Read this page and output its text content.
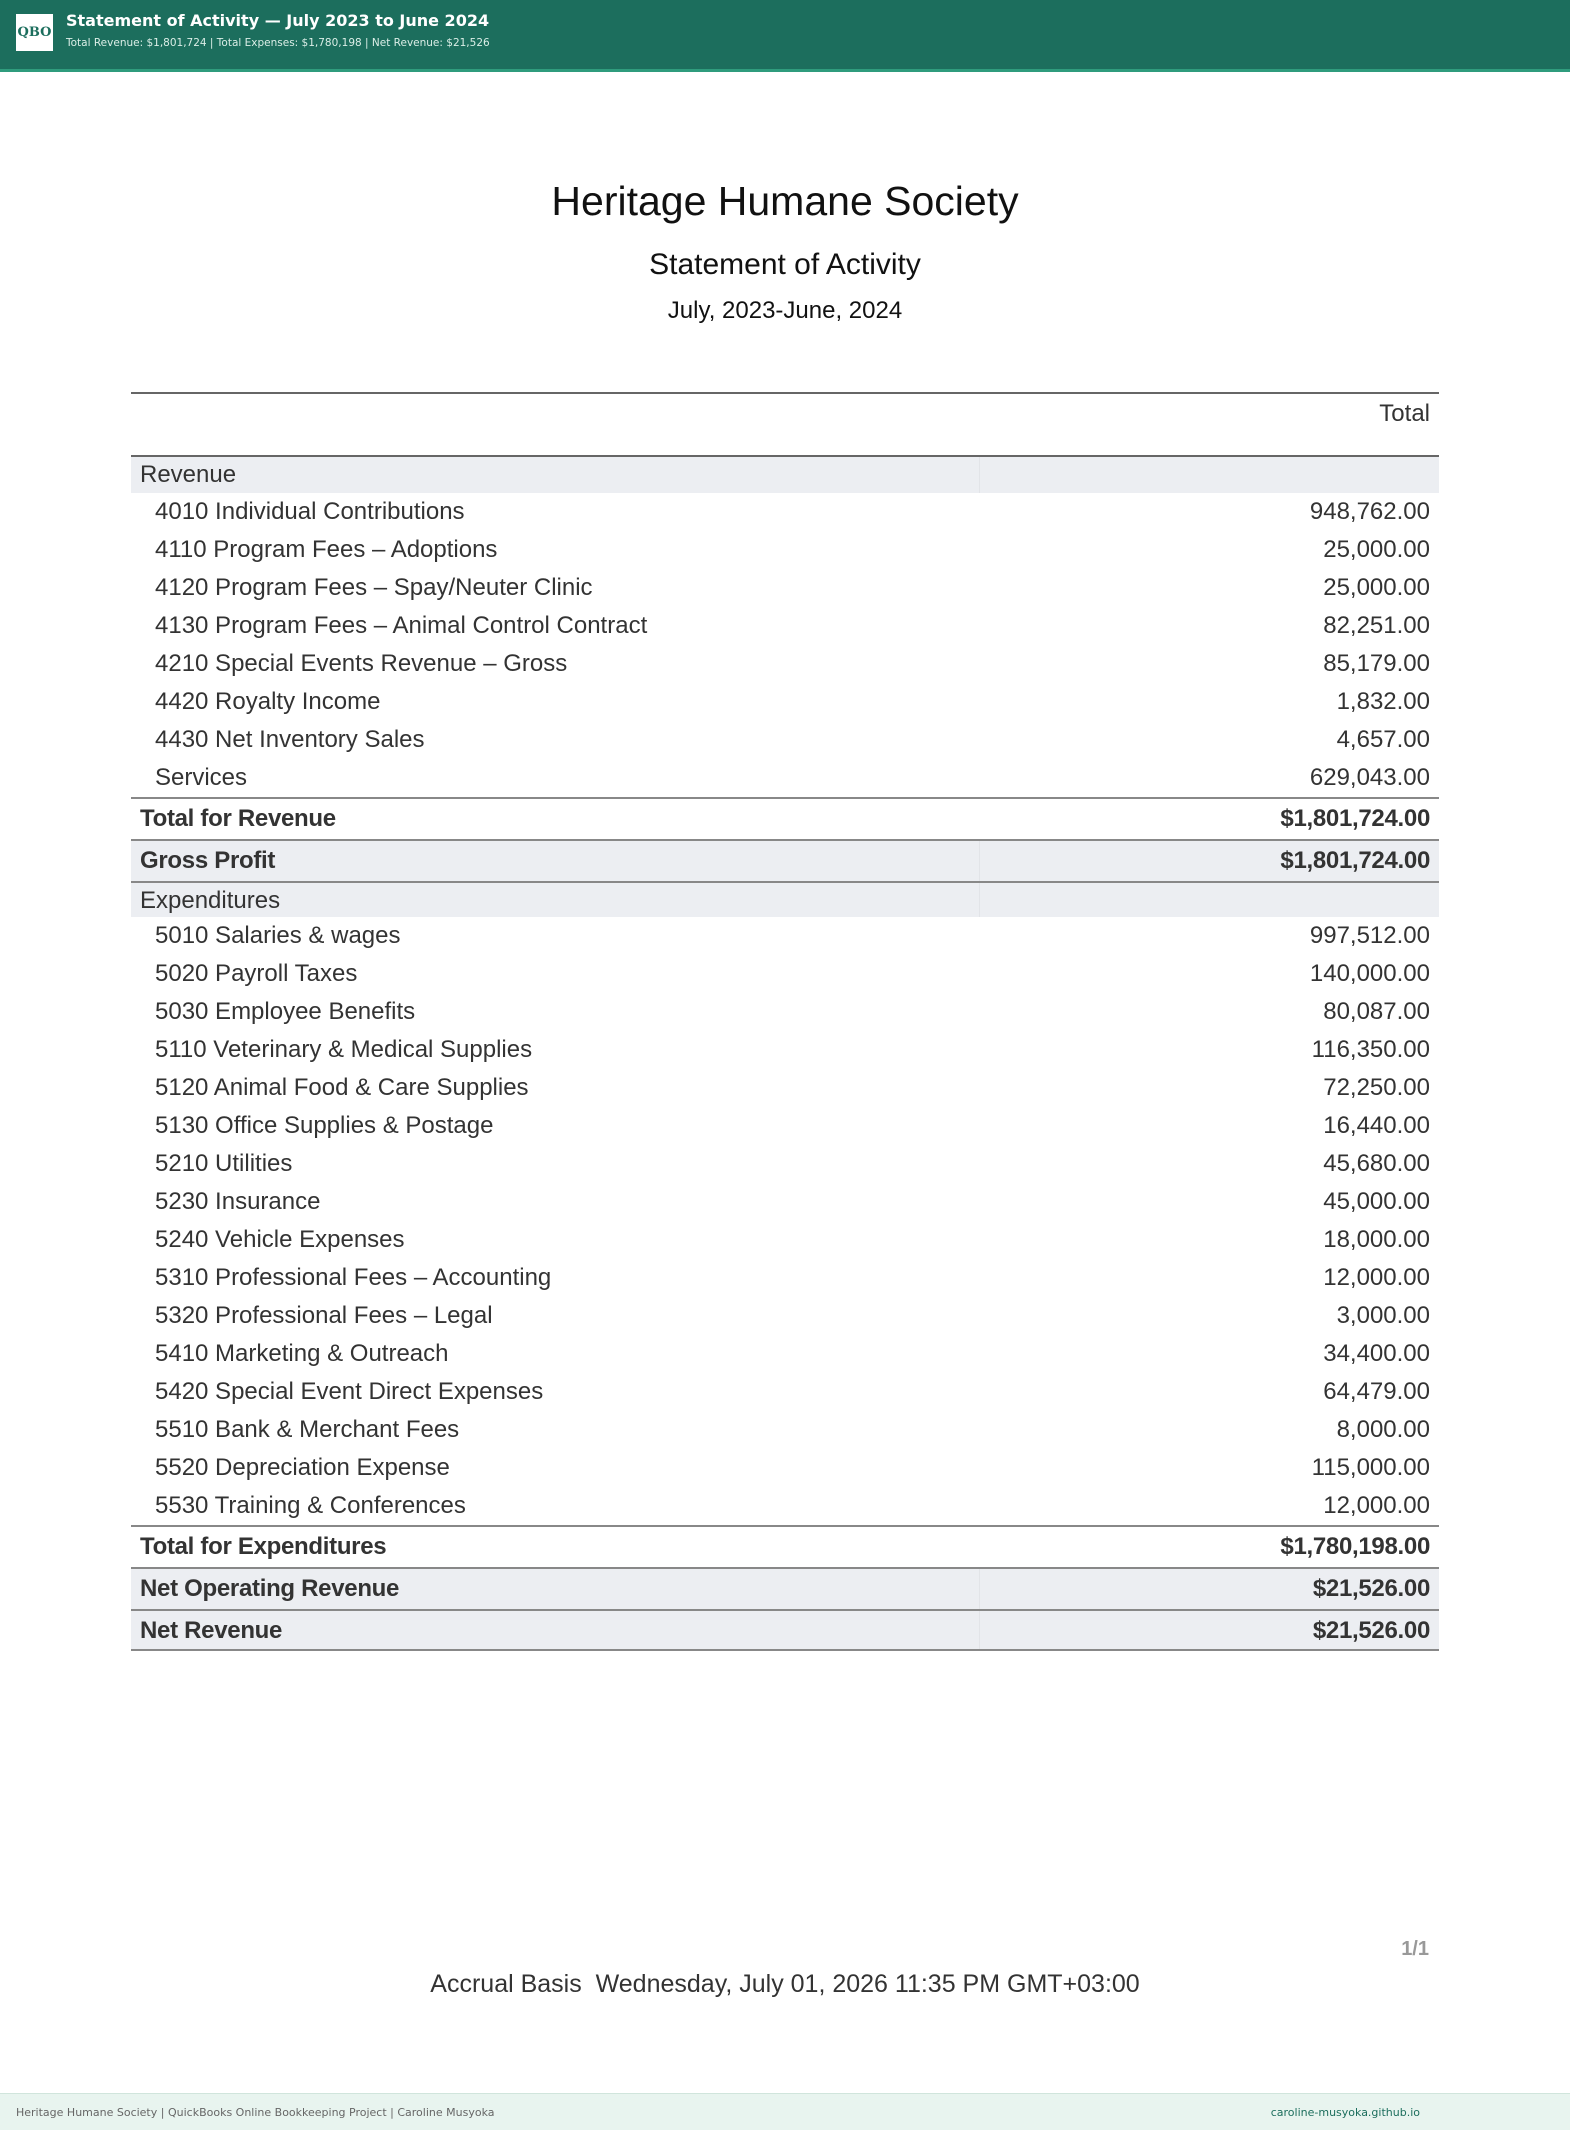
QBO
Statement of Activity — July 2023 to June 2024
Total Revenue: $1,801,724 | Total Expenses: $1,780,198 | Net Revenue: $21,526
Heritage Humane Society
Statement of Activity
July, 2023-June, 2024
Total
Revenue
4010 Individual Contributions	948,762.00
4110 Program Fees – Adoptions	25,000.00
4120 Program Fees – Spay/Neuter Clinic	25,000.00
4130 Program Fees – Animal Control Contract	82,251.00
4210 Special Events Revenue – Gross	85,179.00
4420 Royalty Income	1,832.00
4430 Net Inventory Sales	4,657.00
Services	629,043.00
Total for Revenue	$1,801,724.00
Gross Profit	$1,801,724.00
Expenditures
5010 Salaries & wages	997,512.00
5020 Payroll Taxes	140,000.00
5030 Employee Benefits	80,087.00
5110 Veterinary & Medical Supplies	116,350.00
5120 Animal Food & Care Supplies	72,250.00
5130 Office Supplies & Postage	16,440.00
5210 Utilities	45,680.00
5230 Insurance	45,000.00
5240 Vehicle Expenses	18,000.00
5310 Professional Fees – Accounting	12,000.00
5320 Professional Fees – Legal	3,000.00
5410 Marketing & Outreach	34,400.00
5420 Special Event Direct Expenses	64,479.00
5510 Bank & Merchant Fees	8,000.00
5520 Depreciation Expense	115,000.00
5530 Training & Conferences	12,000.00
Total for Expenditures	$1,780,198.00
Net Operating Revenue	$21,526.00
Net Revenue	$21,526.00
1/1
Accrual Basis  Wednesday, July 01, 2026 11:35 PM GMT+03:00
Heritage Humane Society | QuickBooks Online Bookkeeping Project | Caroline Musyoka	caroline-musyoka.github.io
